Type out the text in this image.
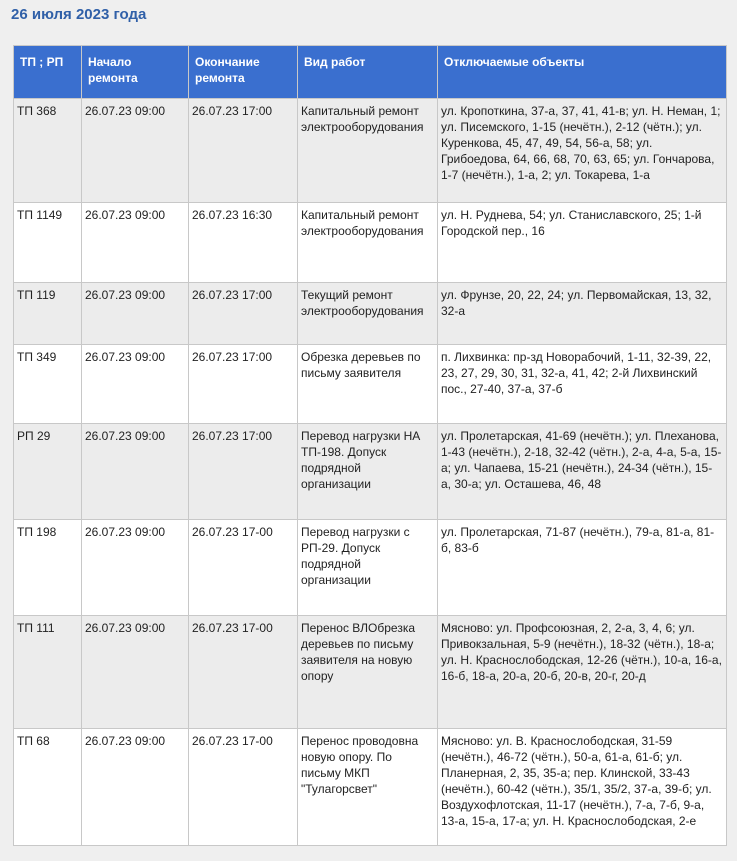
26 июля 2023 года
ТП ; РП	Начало ремонта	Окончание ремонта	Вид работ	Отключаемые объекты
ТП 368	26.07.23 09:00	26.07.23 17:00	Капитальный ремонт электрооборудования	ул. Кропоткина, 37-а, 37, 41, 41-в; ул. Н. Неман, 1; ул. Писемского, 1-15 (нечётн.), 2-12 (чётн.); ул. Куренкова, 45, 47, 49, 54, 56-а, 58; ул. Грибоедова, 64, 66, 68, 70, 63, 65; ул. Гончарова, 1-7 (нечётн.), 1-а, 2; ул. Токарева, 1-а
ТП 1149	26.07.23 09:00	26.07.23 16:30	Капитальный ремонт электрооборудования	ул. Н. Руднева, 54; ул. Станиславского, 25; 1-й Городской пер., 16
ТП 119	26.07.23 09:00	26.07.23 17:00	Текущий ремонт электрооборудования	ул. Фрунзе, 20, 22, 24; ул. Первомайская, 13, 32, 32-а
ТП 349	26.07.23 09:00	26.07.23 17:00	Обрезка деревьев по письму заявителя	п. Лихвинка: пр-зд Новорабочий, 1-11, 32-39, 22, 23, 27, 29, 30, 31, 32-а, 41, 42; 2-й Лихвинский пос., 27-40, 37-а, 37-б
РП 29	26.07.23 09:00	26.07.23 17:00	Перевод нагрузки НА ТП-198. Допуск подрядной организации	ул. Пролетарская, 41-69 (нечётн.); ул. Плеханова, 1-43 (нечётн.), 2-18, 32-42 (чётн.), 2-а, 4-а, 5-а, 15-а; ул. Чапаева, 15-21 (нечётн.), 24-34 (чётн.), 15-а, 30-а; ул. Осташева, 46, 48
ТП 198	26.07.23 09:00	26.07.23 17-00	Перевод нагрузки с РП-29. Допуск подрядной организации	ул. Пролетарская, 71-87 (нечётн.), 79-а, 81-а, 81-б, 83-б
ТП 111	26.07.23 09:00	26.07.23 17-00	Перенос ВЛОбрезка деревьев по письму заявителя на новую опору	Мясново: ул. Профсоюзная, 2, 2-а, 3, 4, 6; ул. Привокзальная, 5-9 (нечётн.), 18-32 (чётн.), 18-а; ул. Н. Краснослободская, 12-26 (чётн.), 10-а, 16-а, 16-б, 18-а, 20-а, 20-б, 20-в, 20-г, 20-д
ТП 68	26.07.23 09:00	26.07.23 17-00	Перенос проводовна новую опору. По письму МКП "Тулагорсвет"	Мясново: ул. В. Краснослободская, 31-59 (нечётн.), 46-72 (чётн.), 50-а, 61-а, 61-б; ул. Планерная, 2, 35, 35-а; пер. Клинской, 33-43 (нечётн.), 60-42 (чётн.), 35/1, 35/2, 37-а, 39-б; ул. Воздухофлотская, 11-17 (нечётн.), 7-а, 7-б, 9-а, 13-а, 15-а, 17-а; ул. Н. Краснослободская, 2-е
